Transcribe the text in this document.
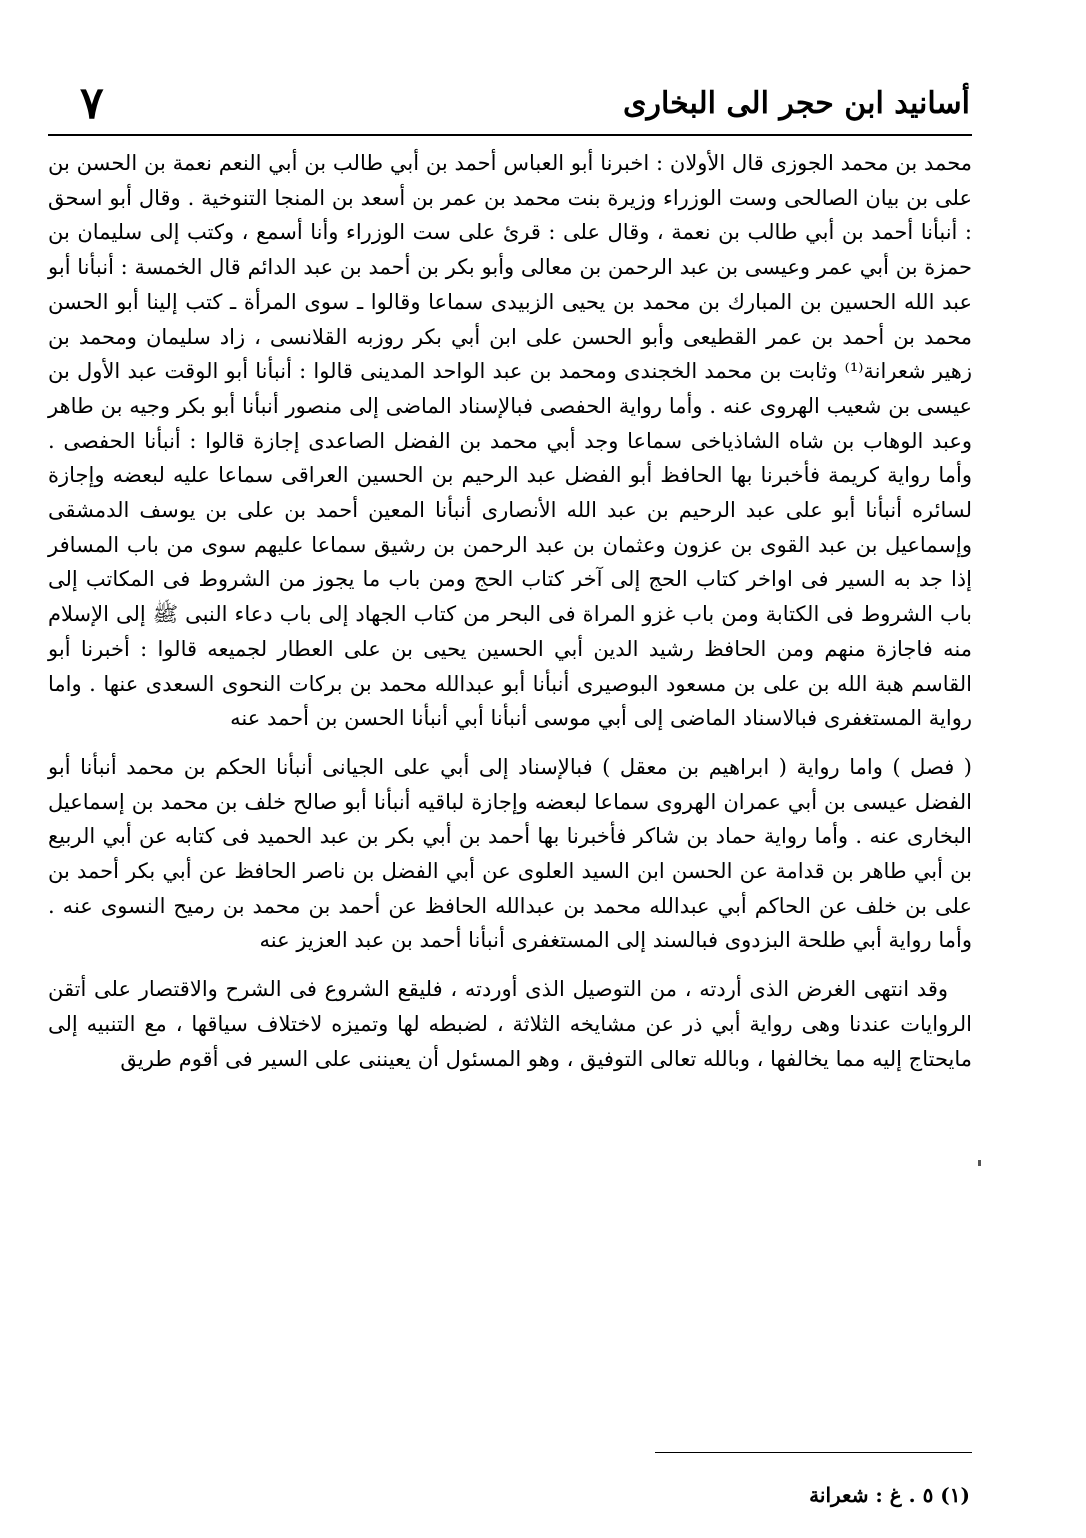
٧	أسانيد ابن حجر الى البخارى

محمد بن محمد الجوزى قال الأولان : اخبرنا أبو العباس أحمد بن أبي طالب بن أبي النعم نعمة بن الحسن بن على بن بيان الصالحى وست الوزراء وزيرة بنت محمد بن عمر بن أسعد بن المنجا التنوخية . وقال أبو اسحق : أنبأنا أحمد بن أبي طالب بن نعمة ، وقال على : قرئ على ست الوزراء وأنا أسمع ، وكتب إلى سليمان بن حمزة بن أبي عمر وعيسى بن عبد الرحمن بن معالى وأبو بكر بن أحمد بن عبد الدائم قال الخمسة : أنبأنا أبو عبد الله الحسين بن المبارك بن محمد بن يحيى الزبيدى سماعا وقالوا ـ سوى المرأة ـ كتب إلينا أبو الحسن محمد بن أحمد بن عمر القطيعى وأبو الحسن على ابن أبي بكر روزبه القلانسى ، زاد سليمان ومحمد بن زهير شعرانة⁽¹⁾ وثابت بن محمد الخجندى ومحمد بن عبد الواحد المدينى قالوا : أنبأنا أبو الوقت عبد الأول بن عيسى بن شعيب الهروى عنه . وأما رواية الحفصى فبالإسناد الماضى إلى منصور أنبأنا أبو بكر وجيه بن طاهر وعبد الوهاب بن شاه الشاذياخى سماعا وجد أبي محمد بن الفضل الصاعدى إجازة قالوا : أنبأنا الحفصى . وأما رواية كريمة فأخبرنا بها الحافظ أبو الفضل عبد الرحيم بن الحسين العراقى سماعا عليه لبعضه وإجازة لسائره أنبأنا أبو على عبد الرحيم بن عبد الله الأنصارى أنبأنا المعين أحمد بن على بن يوسف الدمشقى وإسماعيل بن عبد القوى بن عزون وعثمان بن عبد الرحمن بن رشيق سماعا عليهم سوى من باب المسافر إذا جد به السير فى اواخر كتاب الحج إلى آخر كتاب الحج ومن باب ما يجوز من الشروط فى المكاتب إلى باب الشروط فى الكتابة ومن باب غزو المراة فى البحر من كتاب الجهاد إلى باب دعاء النبى ﷺ إلى الإسلام منه فاجازة منهم ومن الحافظ رشيد الدين أبي الحسين يحيى بن على العطار لجميعه قالوا : أخبرنا أبو القاسم هبة الله بن على بن مسعود البوصيرى أنبأنا أبو عبدالله محمد بن بركات النحوى السعدى عنها . واما رواية المستغفرى فبالاسناد الماضى إلى أبي موسى أنبأنا أبي أنبأنا الحسن بن أحمد عنه

( فصل ) واما رواية ( ابراهيم بن معقل ) فبالإسناد إلى أبي على الجيانى أنبأنا الحكم بن محمد أنبأنا أبو الفضل عيسى بن أبي عمران الهروى سماعا لبعضه وإجازة لباقيه أنبأنا أبو صالح خلف بن محمد بن إسماعيل البخارى عنه . وأما رواية حماد بن شاكر فأخبرنا بها أحمد بن أبي بكر بن عبد الحميد فى كتابه عن أبي الربيع بن أبي طاهر بن قدامة عن الحسن ابن السيد العلوى عن أبي الفضل بن ناصر الحافظ عن أبي بكر أحمد بن على بن خلف عن الحاكم أبي عبدالله محمد بن عبدالله الحافظ عن أحمد بن محمد بن رميح النسوى عنه . وأما رواية أبي طلحة البزدوى فبالسند إلى المستغفرى أنبأنا أحمد بن عبد العزيز عنه

وقد انتهى الغرض الذى أردته ، من التوصيل الذى أوردته ، فليقع الشروع فى الشرح والاقتصار على أتقن الروايات عندنا وهى رواية أبي ذر عن مشايخه الثلاثة ، لضبطه لها وتميزه لاختلاف سياقها ، مع التنبيه إلى مايحتاج إليه مما يخالفها ، وبالله تعالى التوفيق ، وهو المسئول أن يعيننى على السير فى أقوم طريق

(١) ٥ . غ : شعرانة
